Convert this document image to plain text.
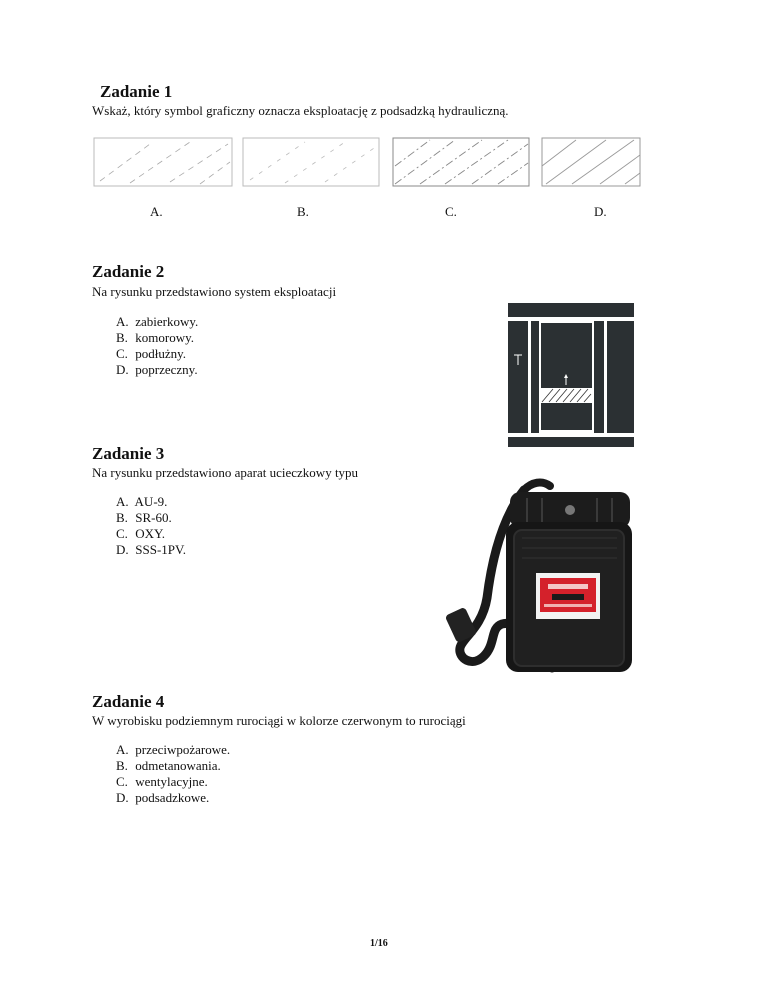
Zadanie 1
Wskaż, który symbol graficzny oznacza eksploatację z podsadzką hydrauliczną.
A.	B.	C.	D.
Zadanie 2
Na rysunku przedstawiono system eksploatacji
A. zabierkowy.
B. komorowy.
C. podłużny.
D. poprzeczny.
Zadanie 3
Na rysunku przedstawiono aparat ucieczkowy typu
A. AU-9.
B. SR-60.
C. OXY.
D. SSS-1PV.
Zadanie 4
W wyrobisku podziemnym rurociągi w kolorze czerwonym to rurociągi
A. przeciwpożarowe.
B. odmetanowania.
C. wentylacyjne.
D. podsadzkowe.
1/16
